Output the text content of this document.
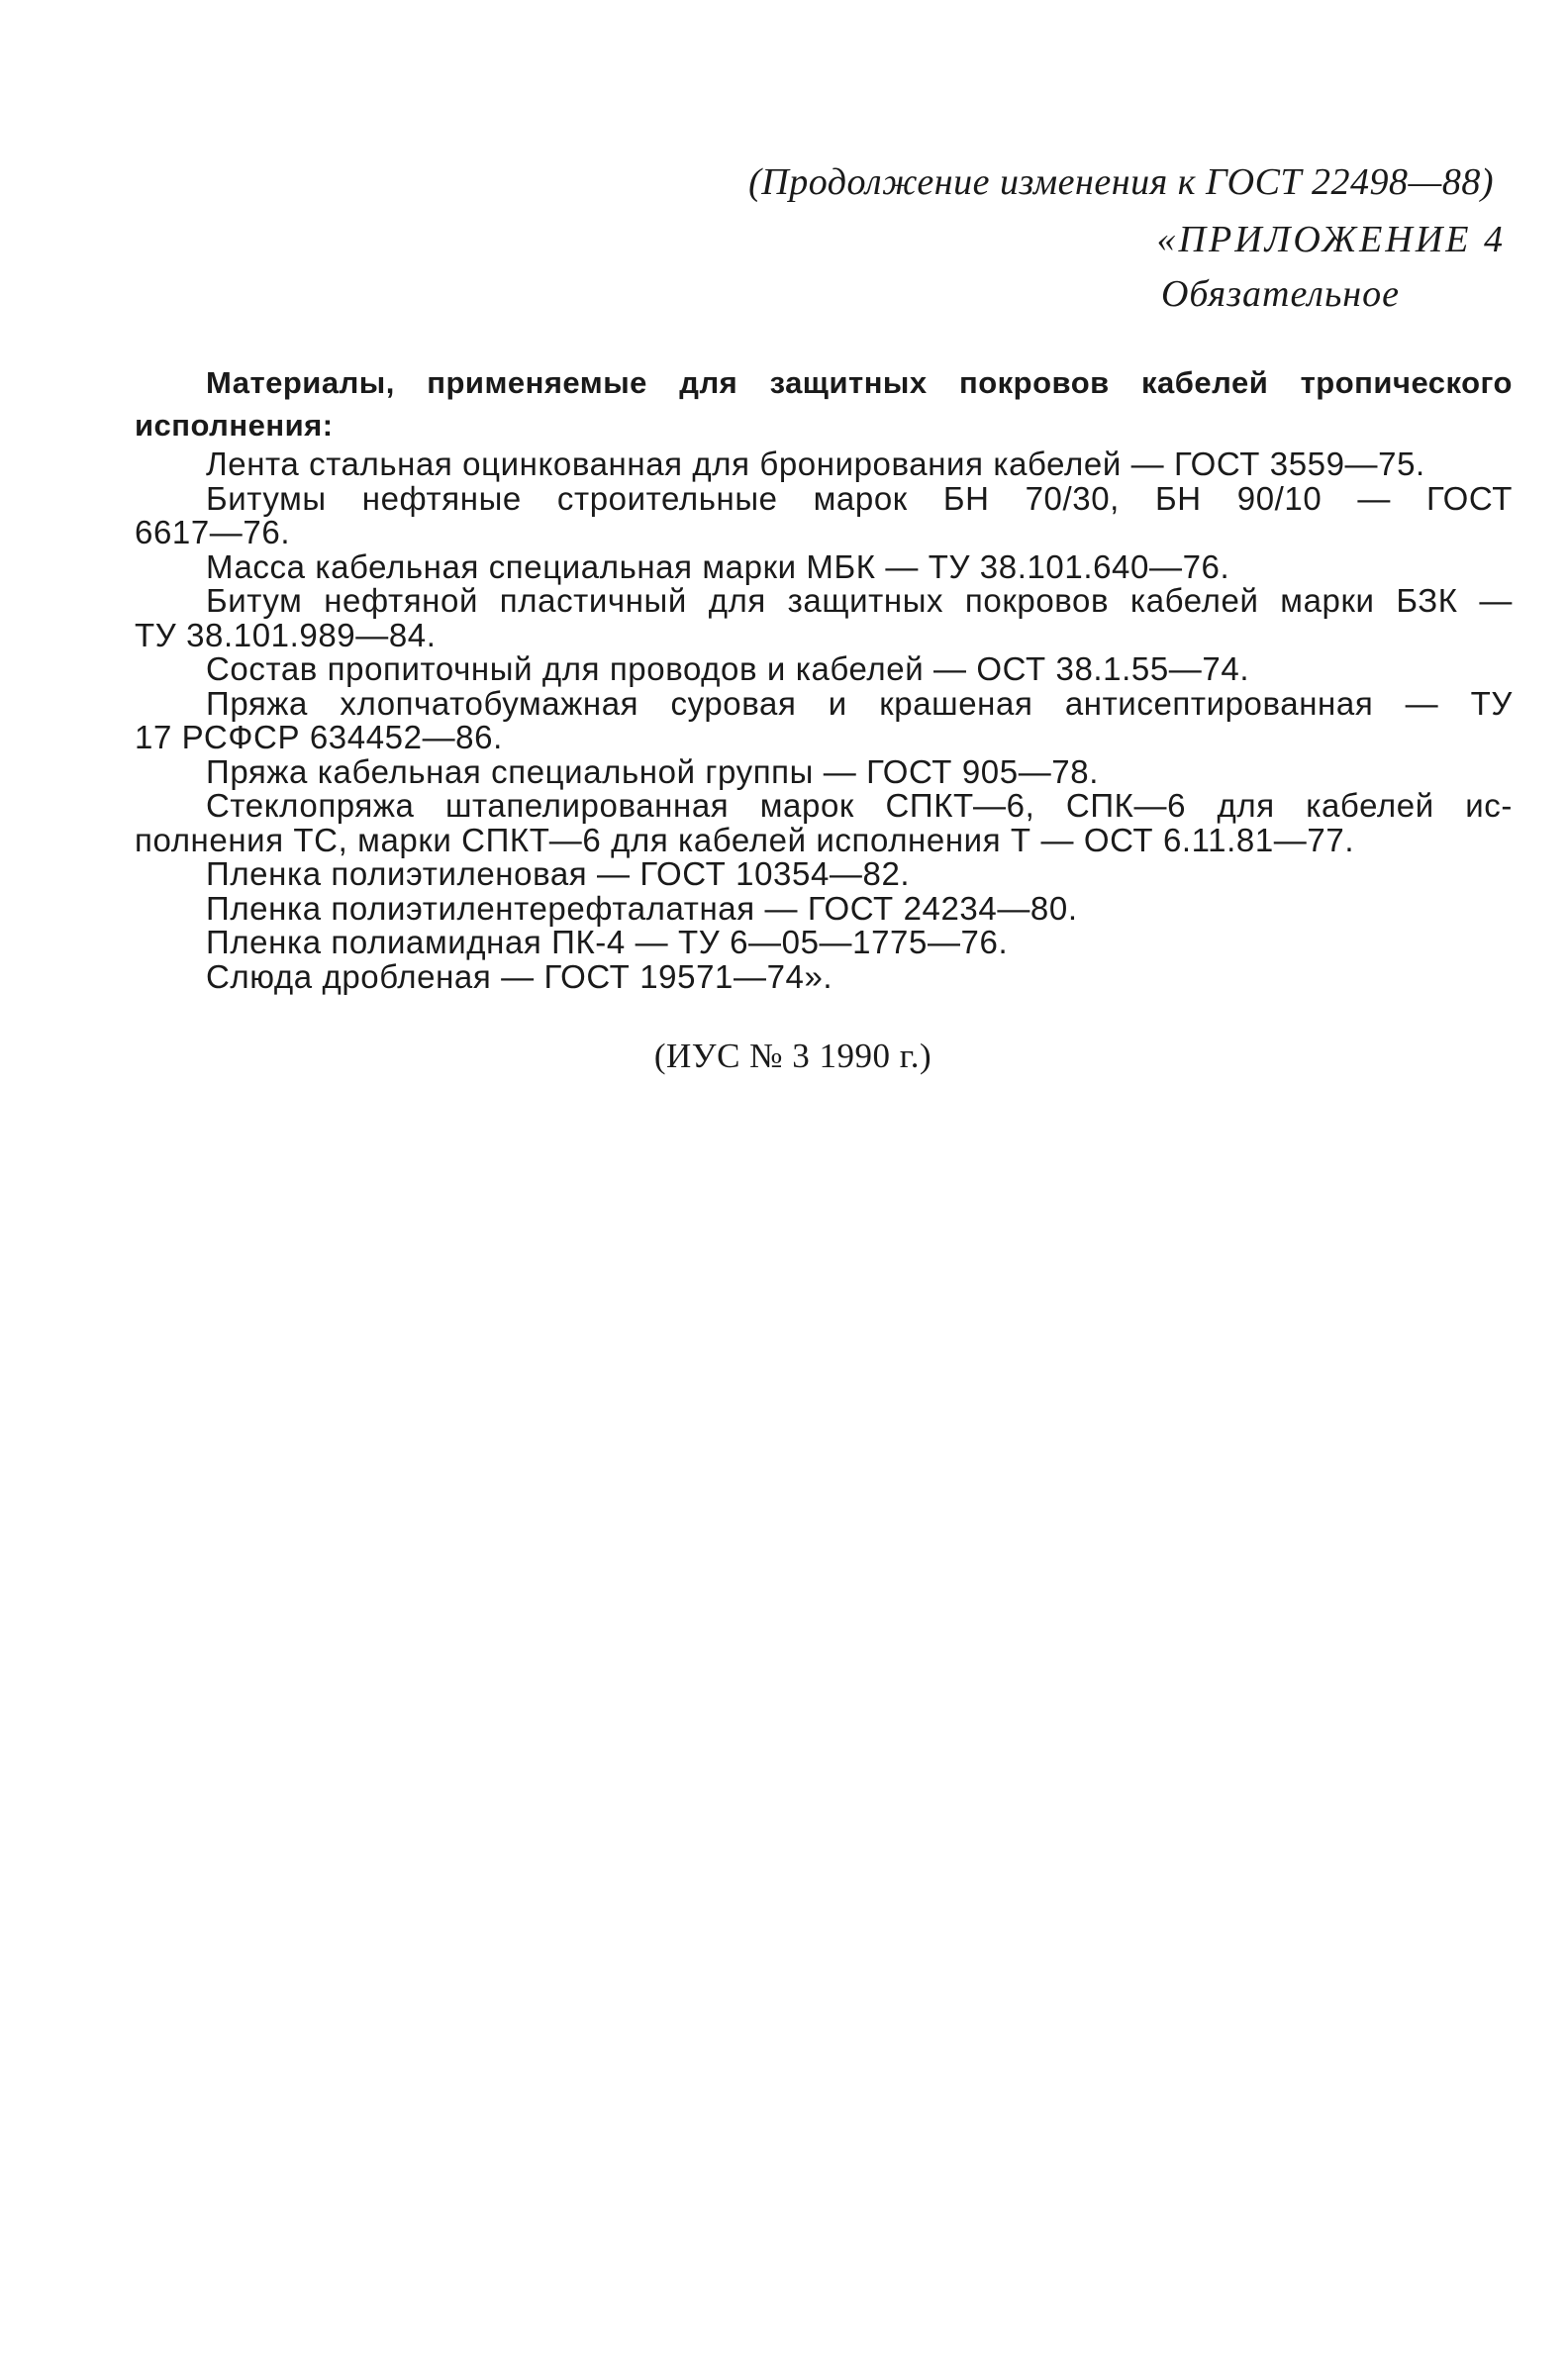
(Продолжение изменения к ГОСТ 22498—88)
«ПРИЛОЖЕНИЕ 4
Обязательное
Материалы, применяемые для защитных покровов кабелей тропического
исполнения:

Лента стальная оцинкованная для бронирования кабелей — ГОСТ 3559—75.

Битумы нефтяные строительные марок БН 70/30, БН 90/10 — ГОСТ
6617—76.

Масса кабельная специальная марки МБК — ТУ 38.101.640—76.

Битум нефтяной пластичный для защитных покровов кабелей марки БЗК —
ТУ 38.101.989—84.

Состав пропиточный для проводов и кабелей — ОСТ 38.1.55—74.

Пряжа хлопчатобумажная суровая и крашеная антисептированная — ТУ
17 РСФСР 634452—86.

Пряжа кабельная специальной группы — ГОСТ 905—78.

Стеклопряжа штапелированная марок СПКТ—6, СПК—6 для кабелей ис-
полнения ТС, марки СПКТ—6 для кабелей исполнения Т — ОСТ 6.11.81—77.

Пленка полиэтиленовая — ГОСТ 10354—82.

Пленка полиэтилентерефталатная — ГОСТ 24234—80.

Пленка полиамидная ПК-4 — ТУ 6—05—1775—76.

Слюда дробленая — ГОСТ 19571—74».

(ИУС № 3 1990 г.)
